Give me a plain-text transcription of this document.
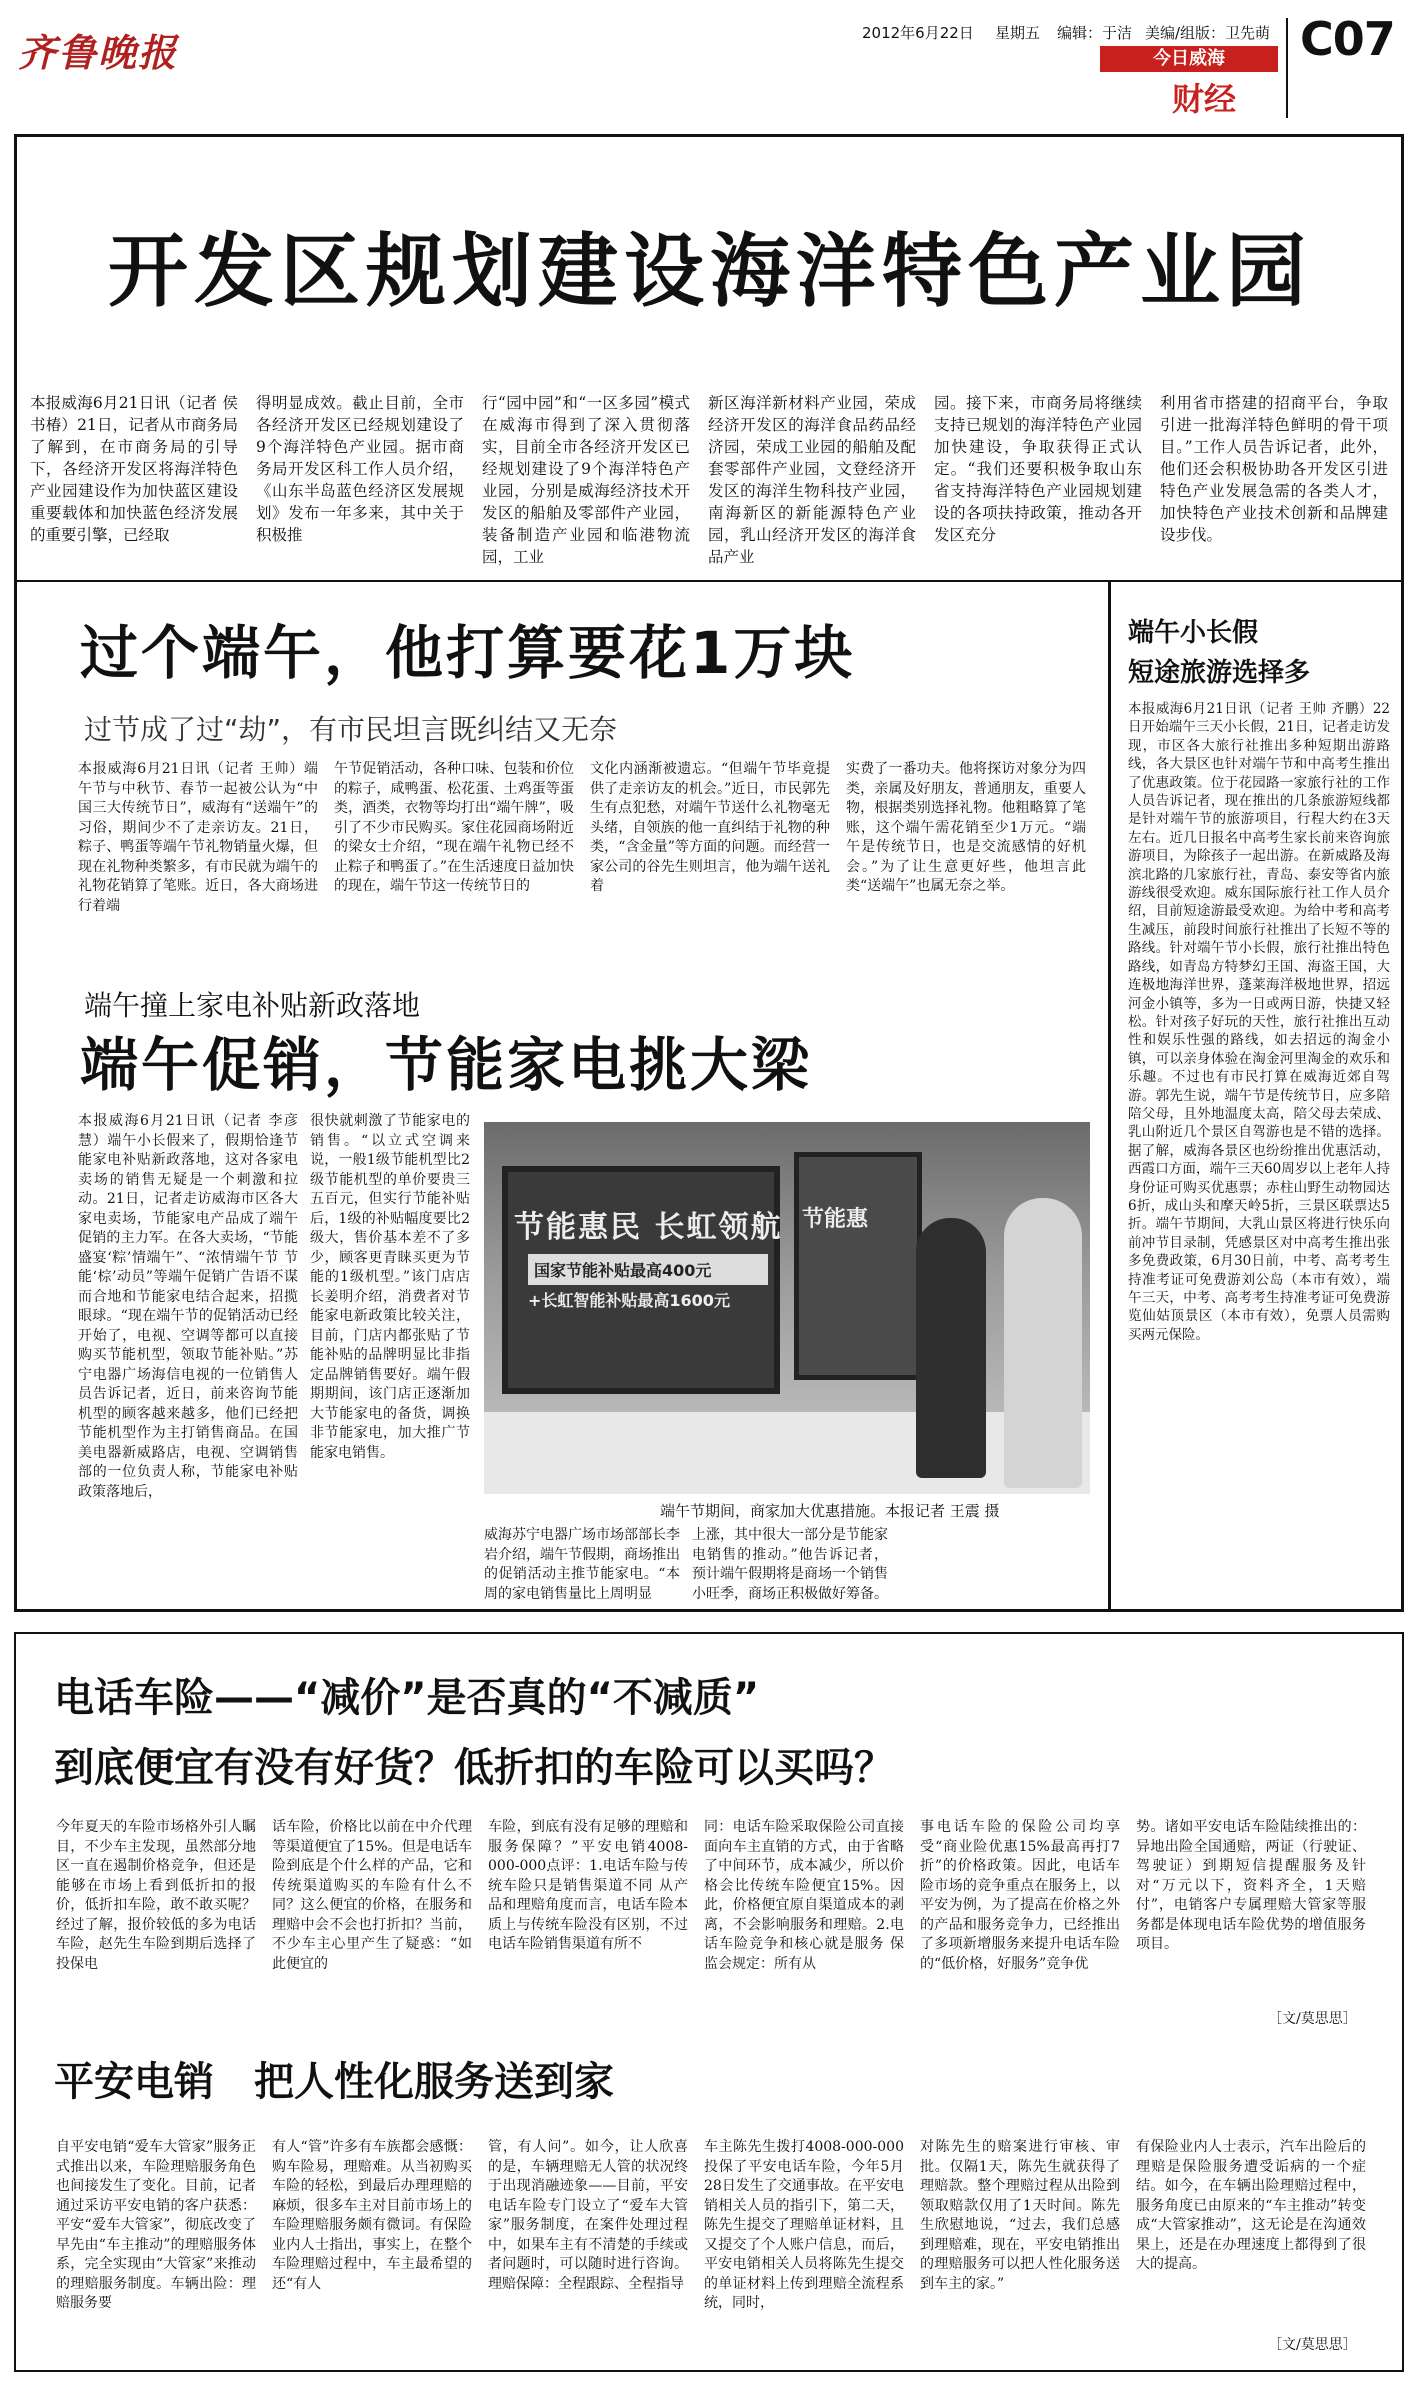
齐鲁晚报	2012年6月22日 星期五 编辑：于洁 美编/组版：卫先萌
今日威海
财经
C07
开发区规划建设海洋特色产业园
本报威海6月21日讯（记者 侯书椿）21日，记者从市商务局了解到，在市商务局的引导下，各经济开发区将海洋特色产业园建设作为加快蓝区建设重要载体和加快蓝色经济发展的重要引擎，已经取
得明显成效。截止目前，全市各经济开发区已经规划建设了9个海洋特色产业园。据市商务局开发区科工作人员介绍，《山东半岛蓝色经济区发展规划》发布一年多来，其中关于积极推
行“园中园”和“一区多园”模式在威海市得到了深入贯彻落实，目前全市各经济开发区已经规划建设了9个海洋特色产业园，分别是威海经济技术开发区的船舶及零部件产业园，装备制造产业园和临港物流园，工业
新区海洋新材料产业园，荣成经济开发区的海洋食品药品经济园，荣成工业园的船舶及配套零部件产业园，文登经济开发区的海洋生物科技产业园，南海新区的新能源特色产业园，乳山经济开发区的海洋食品产业
园。接下来，市商务局将继续支持已规划的海洋特色产业园加快建设，争取获得正式认定。“我们还要积极争取山东省支持海洋特色产业园规划建设的各项扶持政策，推动各开发区充分
利用省市搭建的招商平台，争取引进一批海洋特色鲜明的骨干项目。”工作人员告诉记者，此外，他们还会积极协助各开发区引进特色产业发展急需的各类人才，加快特色产业技术创新和品牌建设步伐。
过个端午，他打算要花1万块
过节成了过“劫”，有市民坦言既纠结又无奈
本报威海6月21日讯（记者 王帅）端午节与中秋节、春节一起被公认为“中国三大传统节日”，威海有“送端午”的习俗，期间少不了走亲访友。21日，粽子、鸭蛋等端午节礼物销量火爆，但现在礼物种类繁多，有市民就为端午的礼物花销算了笔账。近日，各大商场进行着端
午节促销活动，各种口味、包装和价位的粽子，咸鸭蛋、松花蛋、土鸡蛋等蛋类，酒类，衣物等均打出“端午牌”，吸引了不少市民购买。家住花园商场附近的梁女士介绍，“现在端午礼物已经不止粽子和鸭蛋了。”在生活速度日益加快的现在，端午节这一传统节日的
文化内涵渐被遗忘。“但端午节毕竟提供了走亲访友的机会。”近日，市民郭先生有点犯愁，对端午节送什么礼物毫无头绪，自领族的他一直纠结于礼物的种类，“含金量”等方面的问题。而经营一家公司的谷先生则坦言，他为端午送礼着
实费了一番功夫。他将探访对象分为四类，亲属及好朋友，普通朋友，重要人物，根据类别选择礼物。他粗略算了笔账，这个端午需花销至少1万元。“端午是传统节日，也是交流感情的好机会。”为了让生意更好些，他坦言此类“送端午”也属无奈之举。
端午撞上家电补贴新政落地
端午促销，节能家电挑大梁
本报威海6月21日讯（记者 李彦慧）端午小长假来了，假期恰逢节能家电补贴新政落地，这对各家电卖场的销售无疑是一个刺激和拉动。21日，记者走访威海市区各大家电卖场，节能家电产品成了端午促销的主力军。在各大卖场，“节能盛宴‘粽’情端午”、“浓情端午节 节能‘棕’动员”等端午促销广告语不谋而合地和节能家电结合起来，招揽眼球。“现在端午节的促销活动已经开始了，电视、空调等都可以直接购买节能机型，领取节能补贴。”苏宁电器广场海信电视的一位销售人员告诉记者，近日，前来咨询节能机型的顾客越来越多，他们已经把节能机型作为主打销售商品。在国美电器新威路店，电视、空调销售部的一位负责人称，节能家电补贴政策落地后，
很快就刺激了节能家电的销售。“以立式空调来说，一般1级节能机型比2级节能机型的单价要贵三五百元，但实行节能补贴后，1级的补贴幅度要比2级大，售价基本差不了多少，顾客更青睐买更为节能的1级机型。”该门店店长姜明介绍，消费者对节能家电新政策比较关注，目前，门店内都张贴了节能补贴的品牌明显比非指定品牌销售要好。端午假期期间，该门店正逐渐加大节能家电的备货，调换非节能家电，加大推广节能家电销售。
节能惠民 长虹领航
国家节能补贴最高400元
+长虹智能补贴最高1600元
节能惠
端午节期间，商家加大优惠措施。本报记者 王震 摄
威海苏宁电器广场市场部部长李岩介绍，端午节假期，商场推出的促销活动主推节能家电。“本周的家电销售量比上周明显
上涨，其中很大一部分是节能家电销售的推动。”他告诉记者，预计端午假期将是商场一个销售小旺季，商场正积极做好筹备。
端午小长假
短途旅游选择多
本报威海6月21日讯（记者 王帅 齐鹏）22日开始端午三天小长假，21日，记者走访发现，市区各大旅行社推出多种短期出游路线，各大景区也针对端午节和中高考生推出了优惠政策。位于花园路一家旅行社的工作人员告诉记者，现在推出的几条旅游短线都是针对端午节的旅游项目，行程大约在3天左右。近几日报名中高考生家长前来咨询旅游项目，为除孩子一起出游。在新威路及海滨北路的几家旅行社，青岛、泰安等省内旅游线很受欢迎。威东国际旅行社工作人员介绍，目前短途游最受欢迎。为给中考和高考生减压，前段时间旅行社推出了长短不等的路线。针对端午节小长假，旅行社推出特色路线，如青岛方特梦幻王国、海盗王国，大连极地海洋世界，蓬莱海洋极地世界，招远河金小镇等，多为一日或两日游，快捷又轻松。针对孩子好玩的天性，旅行社推出互动性和娱乐性强的路线，如去招远的淘金小镇，可以亲身体验在淘金河里淘金的欢乐和乐趣。不过也有市民打算在威海近郊自驾游。郭先生说，端午节是传统节日，应多陪陪父母，且外地温度太高，陪父母去荣成、乳山附近几个景区自驾游也是不错的选择。据了解，威海各景区也纷纷推出优惠活动，西霞口方面，端午三天60周岁以上老年人持身份证可购买优惠票；赤柱山野生动物园达6折，成山头和摩天岭5折，三景区联票达5折。端午节期间，大乳山景区将进行快乐向前冲节目录制，凭感景区对中高考生推出张多免费政策，6月30日前，中考、高考考生持准考证可免费游刘公岛（本市有效），端午三天，中考、高考考生持准考证可免费游览仙姑顶景区（本市有效），免票人员需购买两元保险。
电话车险——“减价”是否真的“不减质”
到底便宜有没有好货？低折扣的车险可以买吗？
今年夏天的车险市场格外引人瞩目，不少车主发现，虽然部分地区一直在遏制价格竞争，但还是能够在市场上看到低折扣的报价，低折扣车险，敢不敢买呢？经过了解，报价较低的多为电话车险，赵先生车险到期后选择了投保电
话车险，价格比以前在中介代理等渠道便宜了15%。但是电话车险到底是个什么样的产品，它和传统渠道购买的车险有什么不同？这么便宜的价格，在服务和理赔中会不会也打折扣？当前，不少车主心里产生了疑惑：“如此便宜的
车险，到底有没有足够的理赔和服务保障？”平安电销4008-000-000点评：1.电话车险与传统车险只是销售渠道不同 从产品和理赔角度而言，电话车险本质上与传统车险没有区别，不过电话车险销售渠道有所不
同：电话车险采取保险公司直接面向车主直销的方式，由于省略了中间环节，成本减少，所以价格会比传统车险便宜15%。因此，价格便宜原自渠道成本的剥离，不会影响服务和理赔。2.电话车险竞争和核心就是服务 保监会规定：所有从
事电话车险的保险公司均享受“商业险优惠15%最高再打7折”的价格政策。因此，电话车险市场的竞争重点在服务上，以平安为例，为了提高在价格之外的产品和服务竞争力，已经推出了多项新增服务来提升电话车险的“低价格，好服务”竞争优
势。诸如平安电话车险陆续推出的：异地出险全国通赔，两证（行驶证、驾驶证）到期短信提醒服务及针对“万元以下，资料齐全，1天赔付”，电销客户专属理赔大管家等服务都是体现电话车险优势的增值服务项目。
［文/莫思思］
平安电销　把人性化服务送到家
自平安电销“爱车大管家”服务正式推出以来，车险理赔服务角色也间接发生了变化。目前，记者通过采访平安电销的客户获悉：平安“爱车大管家”，彻底改变了早先由“车主推动”的理赔服务体系，完全实现由“大管家”来推动的理赔服务制度。车辆出险：理赔服务要
有人“管”许多有车族都会感慨：购车险易，理赔难。从当初购买车险的轻松，到最后办理理赔的麻烦，很多车主对目前市场上的车险理赔服务颇有微词。有保险业内人士指出，事实上，在整个车险理赔过程中，车主最希望的还“有人
管，有人问”。如今，让人欣喜的是，车辆理赔无人管的状况终于出现消融迹象——目前，平安电话车险专门设立了“爱车大管家”服务制度，在案件处理过程中，如果车主有不清楚的手续或者问题时，可以随时进行咨询。理赔保障：全程跟踪、全程指导
车主陈先生拨打4008-000-000投保了平安电话车险，今年5月28日发生了交通事故。在平安电销相关人员的指引下，第二天，陈先生提交了理赔单证材料，且又提交了个人账户信息，而后，平安电销相关人员将陈先生提交的单证材料上传到理赔全流程系统，同时，
对陈先生的赔案进行审核、审批。仅隔1天，陈先生就获得了理赔款。整个理赔过程从出险到领取赔款仅用了1天时间。陈先生欣慰地说，“过去，我们总感到理赔难，现在，平安电销推出的理赔服务可以把人性化服务送到车主的家。”
有保险业内人士表示，汽车出险后的理赔是保险服务遭受诟病的一个症结。如今，在车辆出险理赔过程中，服务角度已由原来的“车主推动”转变成“大管家推动”，这无论是在沟通效果上，还是在办理速度上都得到了很大的提高。
［文/莫思思］
